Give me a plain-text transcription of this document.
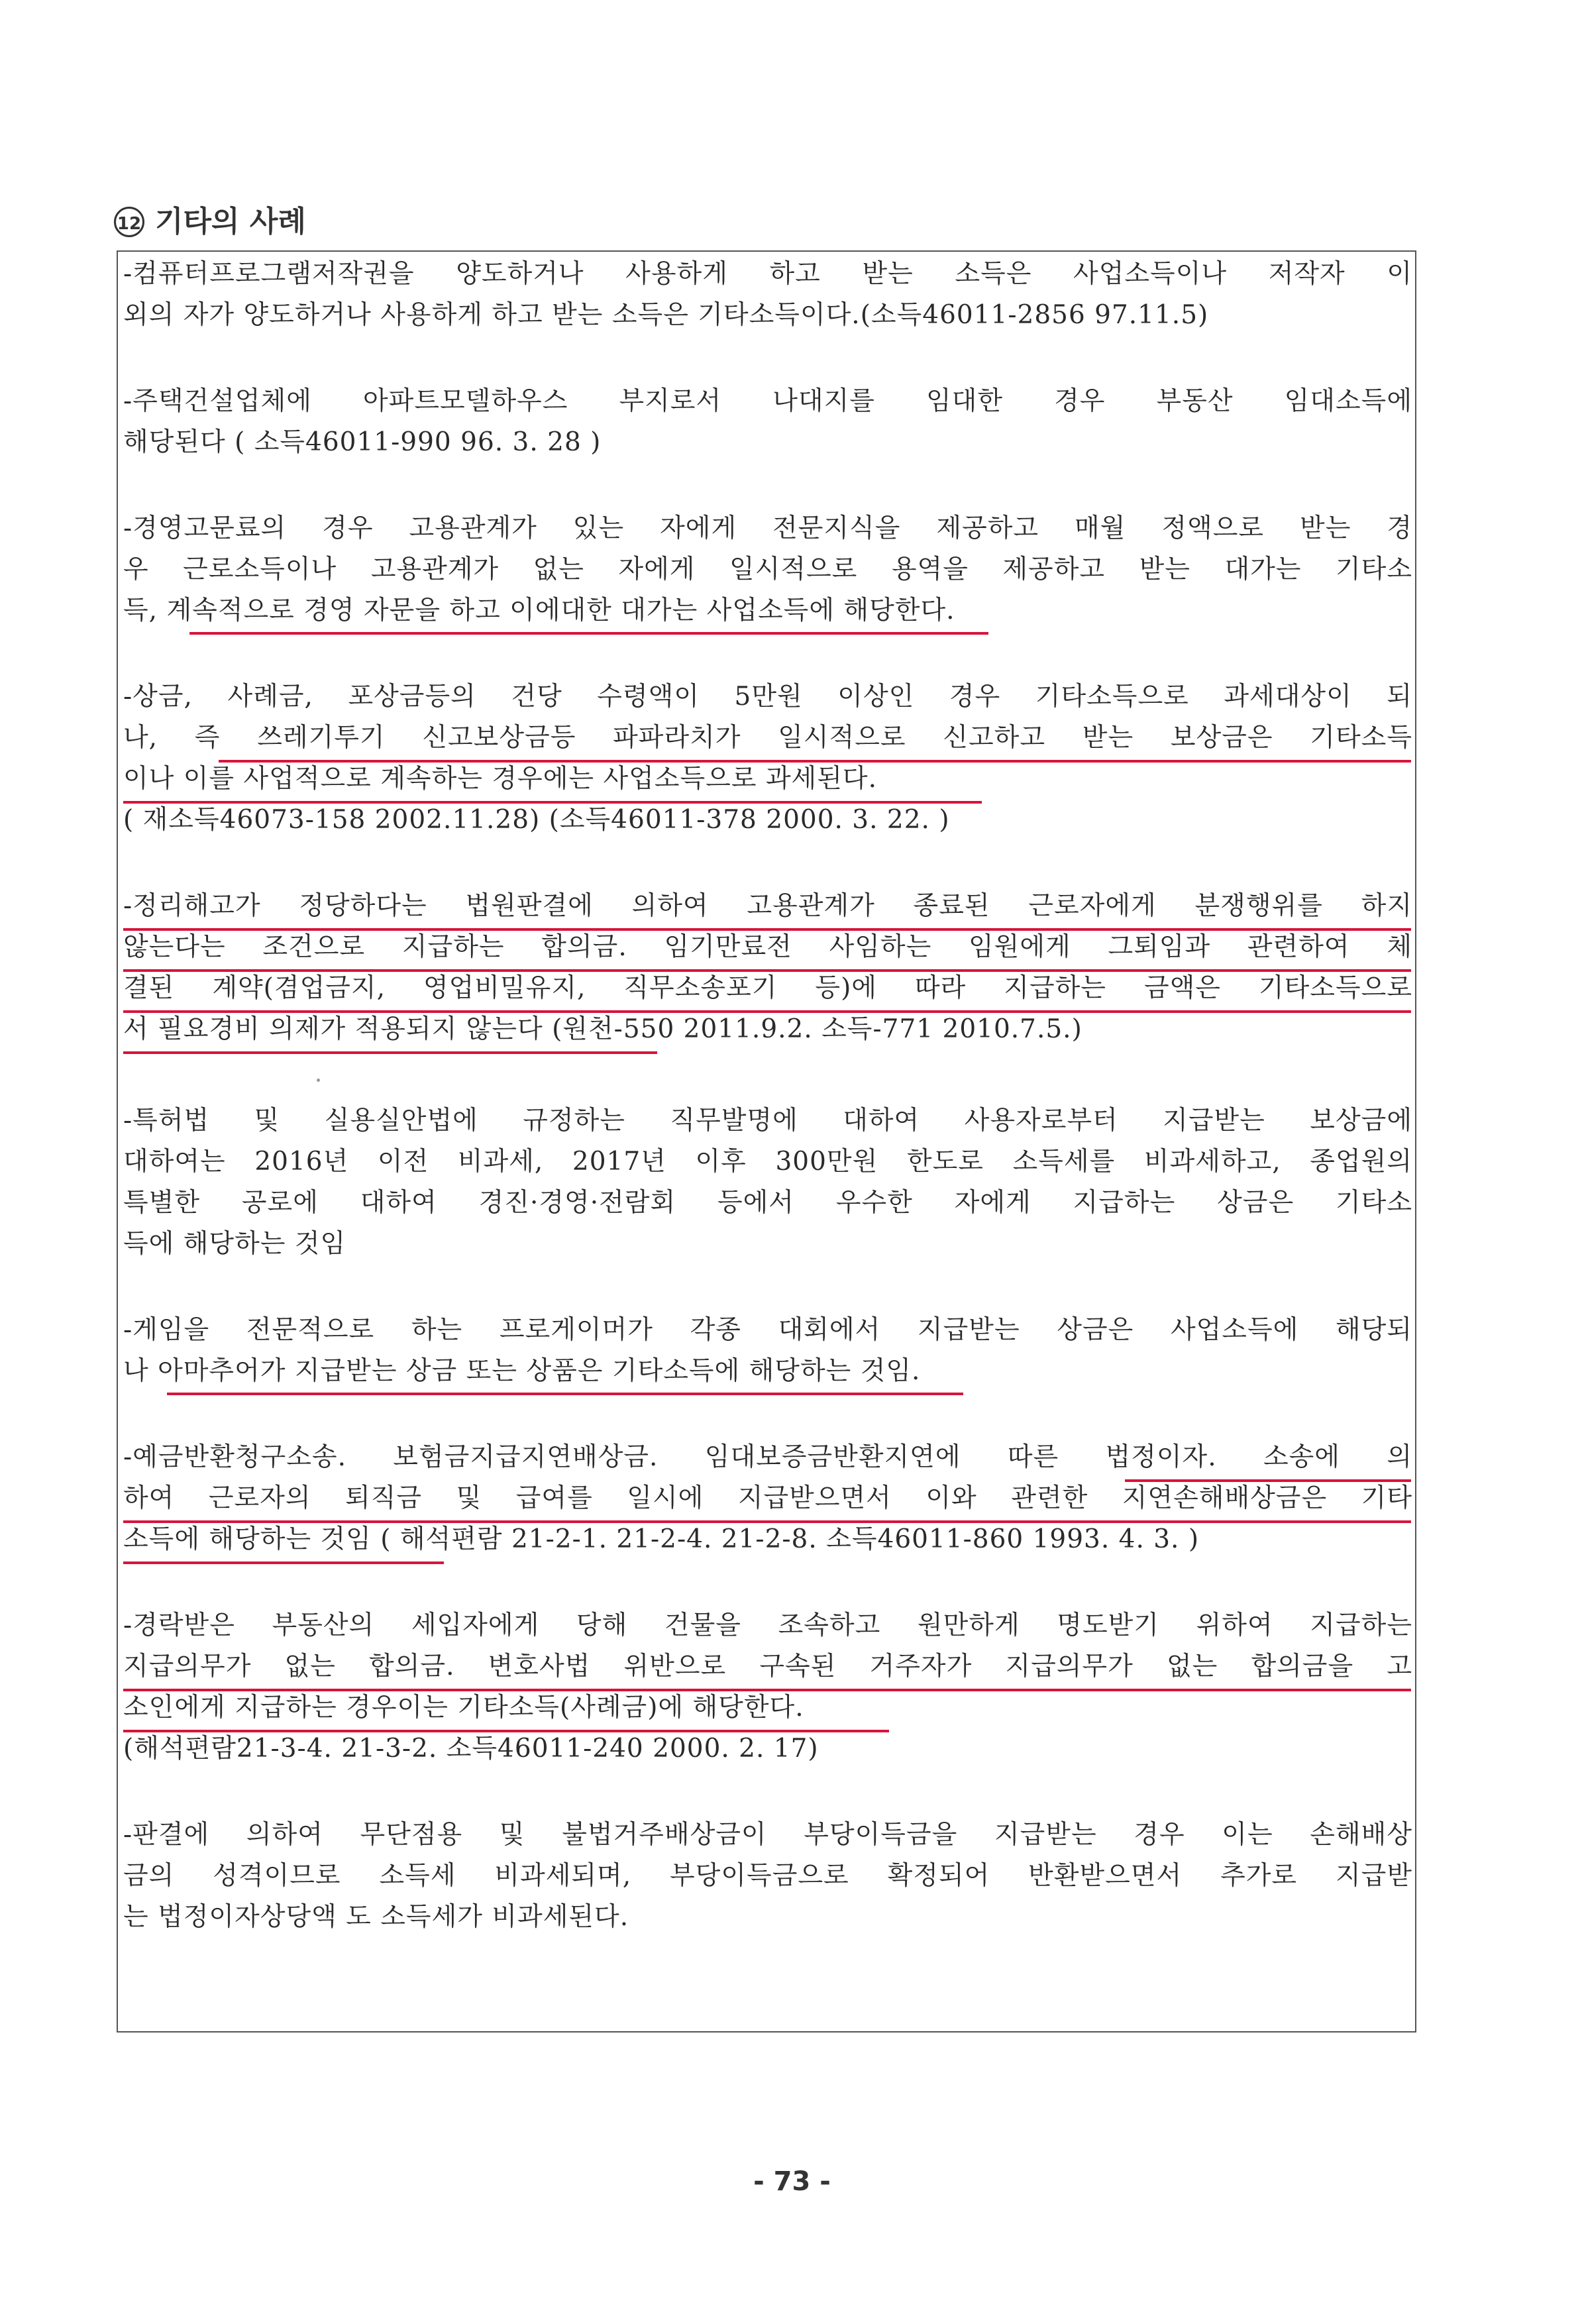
12 기타의 사례
-컴퓨터프로그램저작권을 양도하거나 사용하게 하고 받는 소득은 사업소득이나 저작자 이
외의 자가 양도하거나 사용하게 하고 받는 소득은 기타소득이다.(소득46011-2856 97.11.5)
-주택건설업체에 아파트모델하우스 부지로서 나대지를 임대한 경우 부동산 임대소득에
해당된다 ( 소득46011-990 96. 3. 28 )
-경영고문료의 경우 고용관계가 있는 자에게 전문지식을 제공하고 매월 정액으로 받는 경
우 근로소득이나 고용관계가 없는 자에게 일시적으로 용역을 제공하고 받는 대가는 기타소
득, 계속적으로 경영 자문을 하고 이에대한 대가는 사업소득에 해당한다.
-상금, 사례금, 포상금등의 건당 수령액이 5만원 이상인 경우 기타소득으로 과세대상이 되
나, 즉 쓰레기투기 신고보상금등 파파라치가 일시적으로 신고하고 받는 보상금은 기타소득
이나 이를 사업적으로 계속하는 경우에는 사업소득으로 과세된다.
( 재소득46073-158 2002.11.28) (소득46011-378 2000. 3. 22. )
-정리해고가 정당하다는 법원판결에 의하여 고용관계가 종료된 근로자에게 분쟁행위를 하지
않는다는 조건으로 지급하는 합의금. 임기만료전 사임하는 임원에게 그퇴임과 관련하여 체
결된 계약(겸업금지, 영업비밀유지, 직무소송포기 등)에 따라 지급하는 금액은 기타소득으로
서 필요경비 의제가 적용되지 않는다 (원천-550 2011.9.2. 소득-771 2010.7.5.)
-특허법 및 실용실안법에 규정하는 직무발명에 대하여 사용자로부터 지급받는 보상금에
대하여는 2016년 이전 비과세, 2017년 이후 300만원 한도로 소득세를 비과세하고, 종업원의
특별한 공로에 대하여 경진·경영·전람회 등에서 우수한 자에게 지급하는 상금은 기타소
득에 해당하는 것임
-게임을 전문적으로 하는 프로게이머가 각종 대회에서 지급받는 상금은 사업소득에 해당되
나 아마추어가 지급받는 상금 또는 상품은 기타소득에 해당하는 것임.
-예금반환청구소송. 보험금지급지연배상금. 임대보증금반환지연에 따른 법정이자. 소송에 의
하여 근로자의 퇴직금 및 급여를 일시에 지급받으면서 이와 관련한 지연손해배상금은 기타
소득에 해당하는 것임 ( 해석편람 21-2-1. 21-2-4. 21-2-8. 소득46011-860 1993. 4. 3. )
-경락받은 부동산의 세입자에게 당해 건물을 조속하고 원만하게 명도받기 위하여 지급하는
지급의무가 없는 합의금. 변호사법 위반으로 구속된 거주자가 지급의무가 없는 합의금을 고
소인에게 지급하는 경우이는 기타소득(사례금)에 해당한다.
(해석편람21-3-4. 21-3-2. 소득46011-240 2000. 2. 17)
-판결에 의하여 무단점용 및 불법거주배상금이 부당이득금을 지급받는 경우 이는 손해배상
금의 성격이므로 소득세 비과세되며, 부당이득금으로 확정되어 반환받으면서 추가로 지급받
는 법정이자상당액 도 소득세가 비과세된다.
- 73 -
